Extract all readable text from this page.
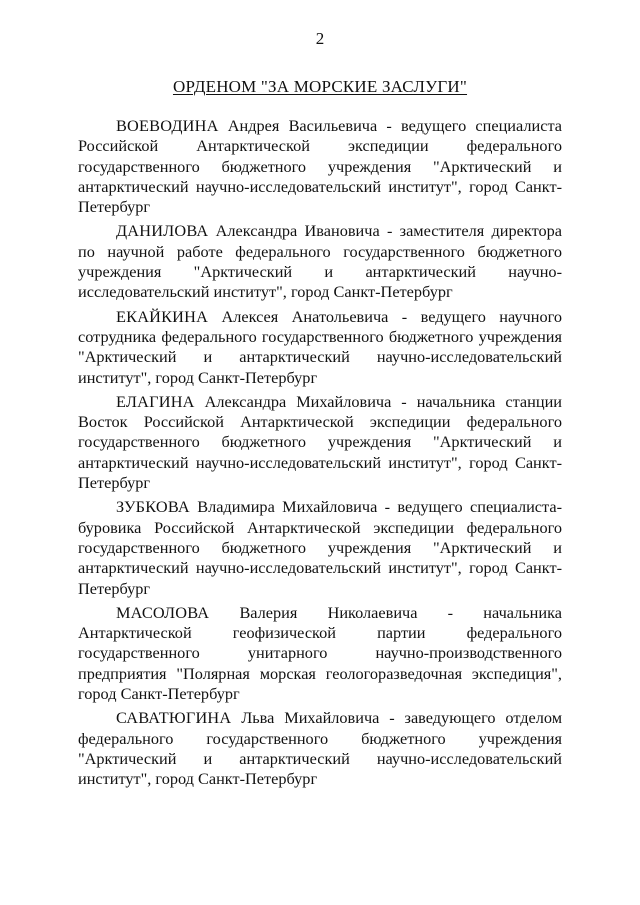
2
ОРДЕНОМ "ЗА МОРСКИЕ ЗАСЛУГИ"

ВОЕВОДИНА Андрея Васильевича - ведущего специалиста Российской Антарктической экспедиции федерального государственного бюджетного учреждения "Арктический и антарктический научно-исследовательский институт", город Санкт-Петербург

ДАНИЛОВА Александра Ивановича - заместителя директора по научной работе федерального государственного бюджетного учреждения "Арктический и антарктический научно-исследовательский институт", город Санкт-Петербург

ЕКАЙКИНА Алексея Анатольевича - ведущего научного сотрудника федерального государственного бюджетного учреждения "Арктический и антарктический научно-исследовательский институт", город Санкт-Петербург

ЕЛАГИНА Александра Михайловича - начальника станции Восток Российской Антарктической экспедиции федерального государственного бюджетного учреждения "Арктический и антарктический научно-исследовательский институт", город Санкт-Петербург

ЗУБКОВА Владимира Михайловича - ведущего специалиста-буровика Российской Антарктической экспедиции федерального государственного бюджетного учреждения "Арктический и антарктический научно-исследовательский институт", город Санкт-Петербург

МАСОЛОВА Валерия Николаевича - начальника Антарктической геофизической партии федерального государственного унитарного научно-производственного предприятия "Полярная морская геологоразведочная экспедиция", город Санкт-Петербург

САВАТЮГИНА Льва Михайловича - заведующего отделом федерального государственного бюджетного учреждения "Арктический и антарктический научно-исследовательский институт", город Санкт-Петербург
